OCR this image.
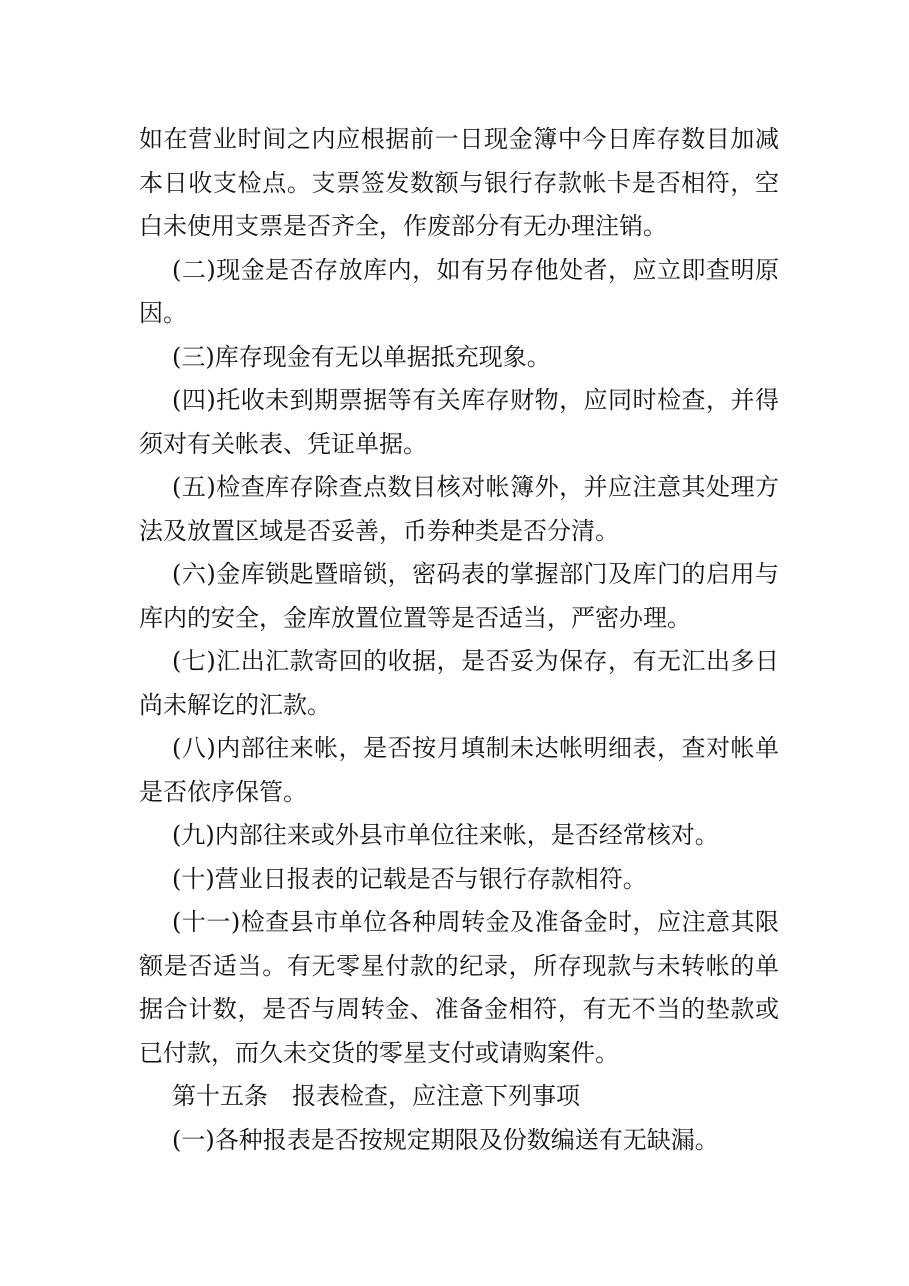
如在营业时间之内应根据前一日现金簿中今日库存数目加减本日收支检点。支票签发数额与银行存款帐卡是否相符，空白未使用支票是否齐全，作废部分有无办理注销。

(二)现金是否存放库内，如有另存他处者，应立即查明原因。

(三)库存现金有无以单据抵充现象。

(四)托收未到期票据等有关库存财物，应同时检查，并得须对有关帐表、凭证单据。

(五)检查库存除查点数目核对帐簿外，并应注意其处理方法及放置区域是否妥善，币券种类是否分清。

(六)金库锁匙暨暗锁，密码表的掌握部门及库门的启用与库内的安全，金库放置位置等是否适当，严密办理。

(七)汇出汇款寄回的收据，是否妥为保存，有无汇出多日尚未解讫的汇款。

(八)内部往来帐，是否按月填制未达帐明细表，查对帐单是否依序保管。

(九)内部往来或外县市单位往来帐，是否经常核对。

(十)营业日报表的记载是否与银行存款相符。

(十一)检查县市单位各种周转金及准备金时，应注意其限额是否适当。有无零星付款的纪录，所存现款与未转帐的单据合计数，是否与周转金、准备金相符，有无不当的垫款或已付款，而久未交货的零星支付或请购案件。

第十五条　报表检查，应注意下列事项

(一)各种报表是否按规定期限及份数编送有无缺漏。
